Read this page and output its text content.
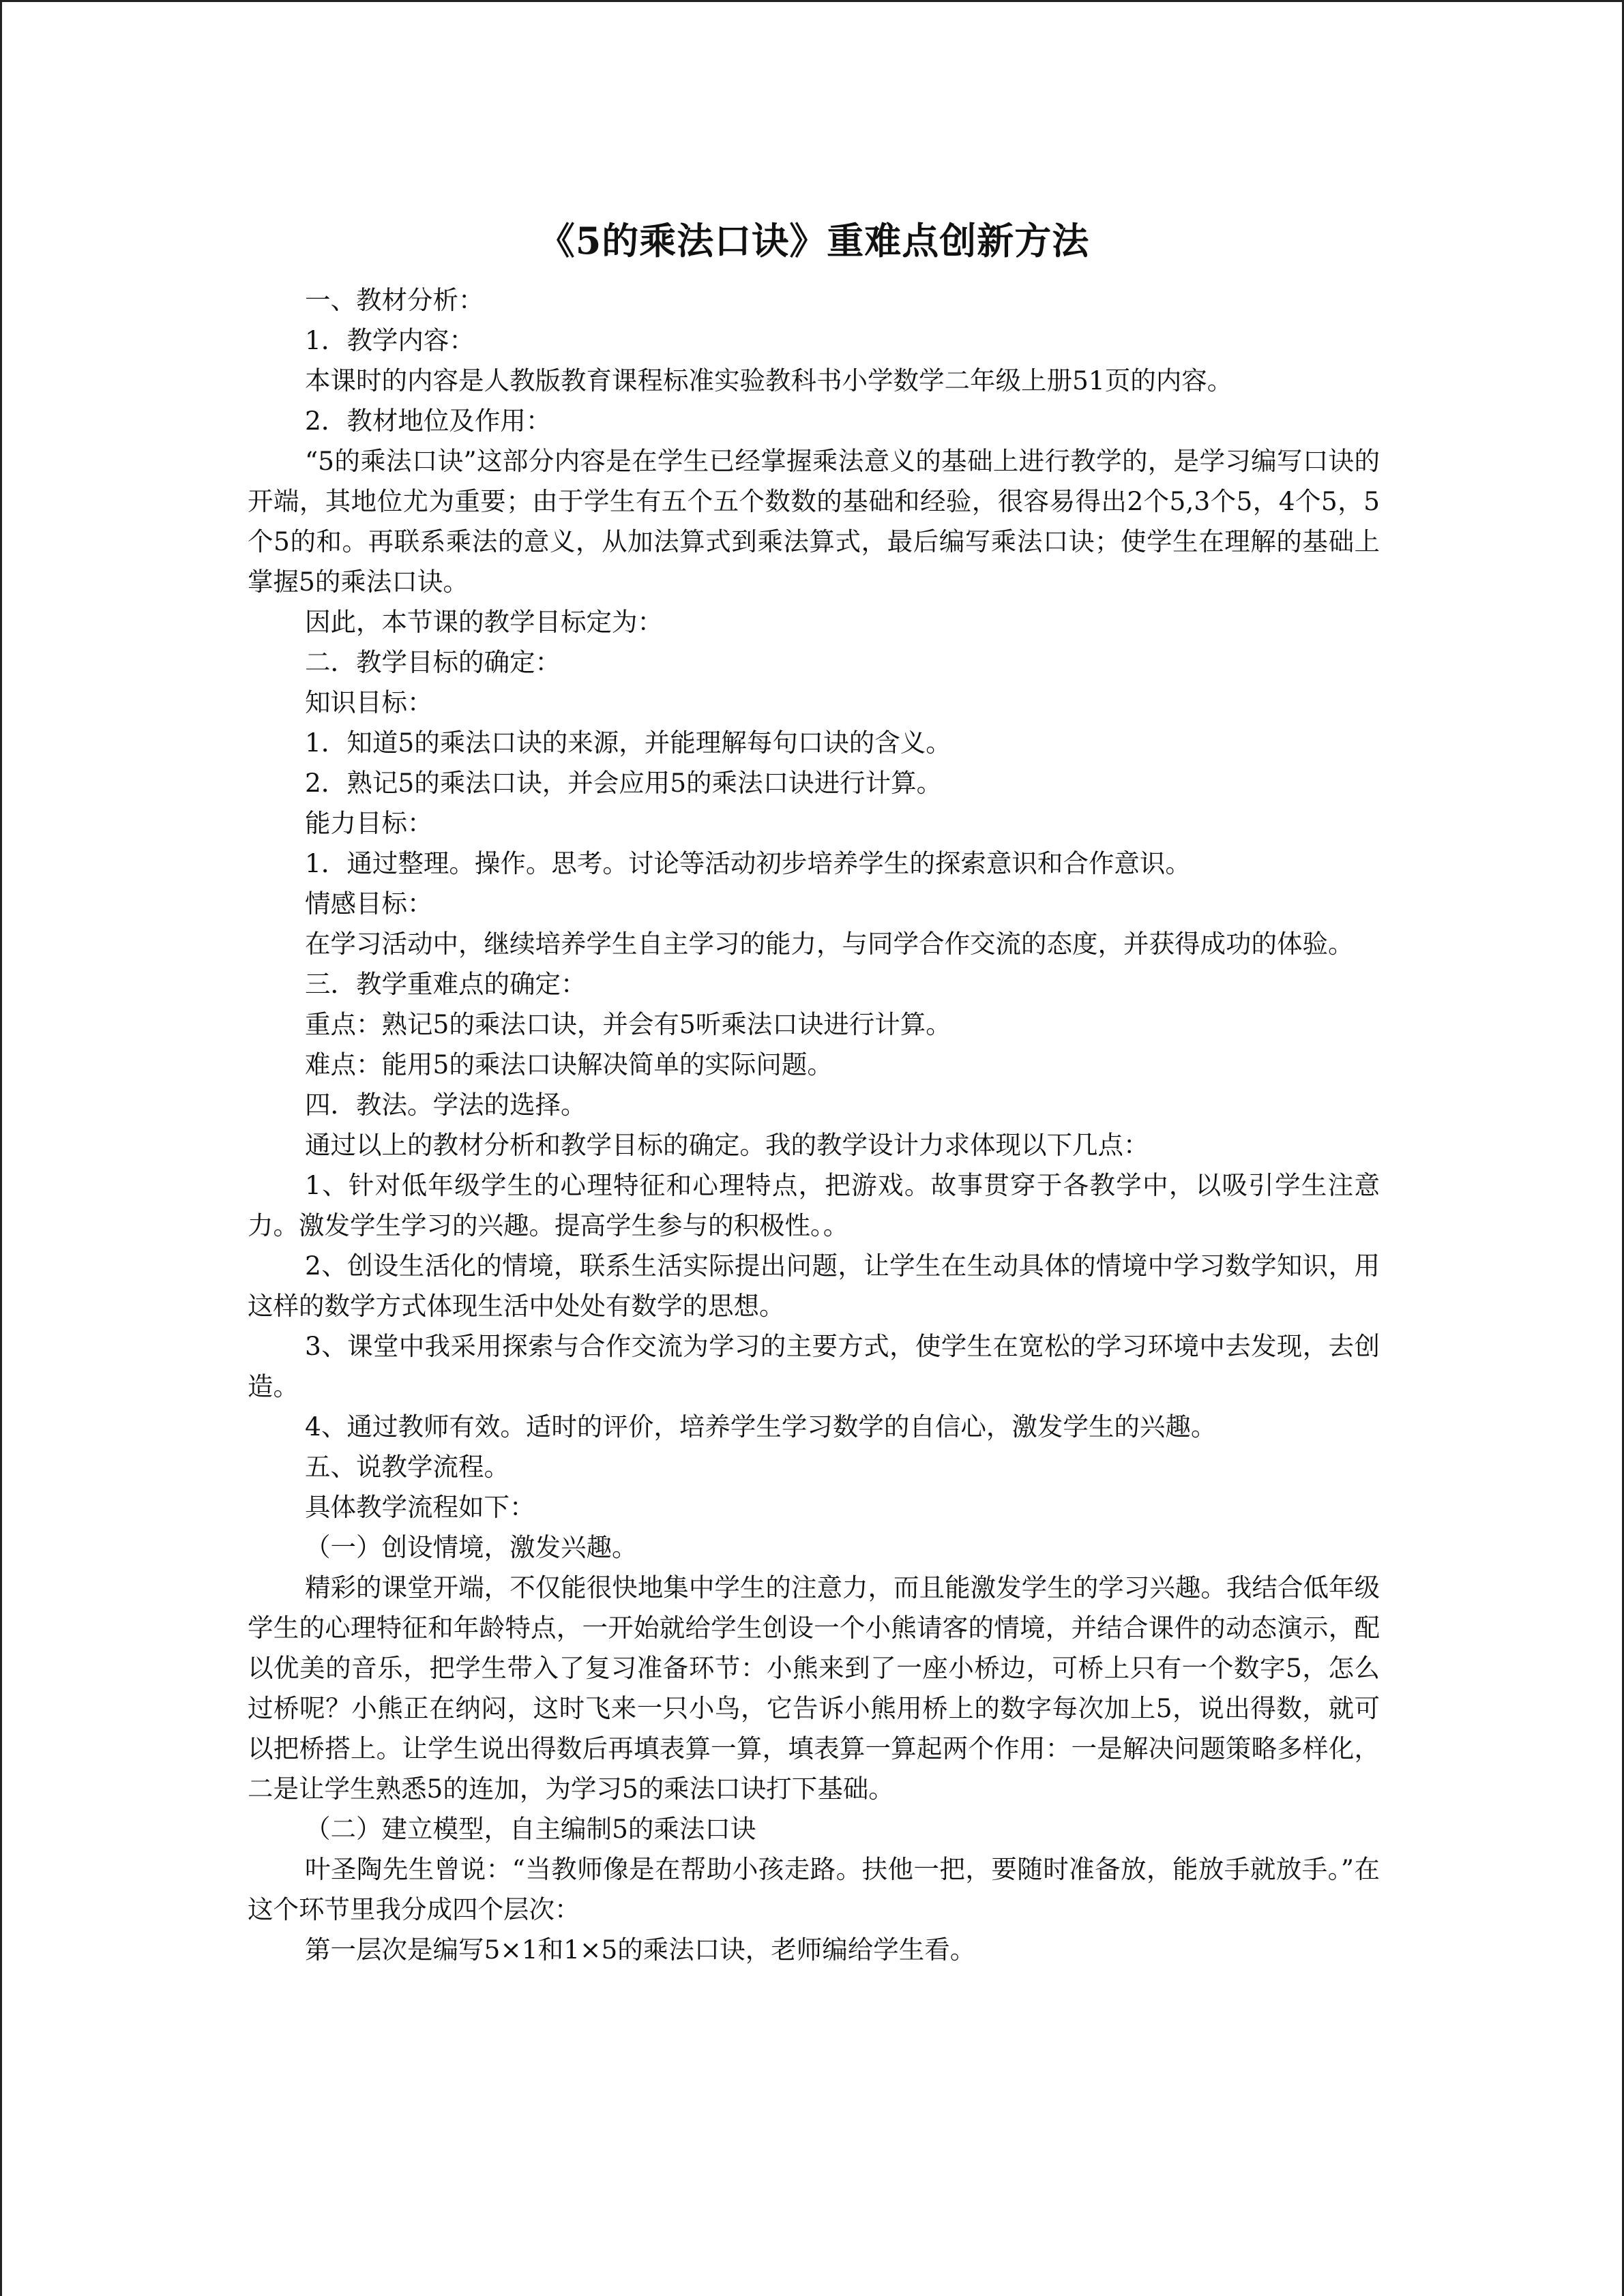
《5的乘法口诀》重难点创新方法

一、教材分析：

1．教学内容：

本课时的内容是人教版教育课程标准实验教科书小学数学二年级上册51页的内容。

2．教材地位及作用：

“5的乘法口诀”这部分内容是在学生已经掌握乘法意义的基础上进行教学的，是学习编写口诀的开端，其地位尤为重要；由于学生有五个五个数数的基础和经验，很容易得出2个5,3个5，4个5，5个5的和。再联系乘法的意义，从加法算式到乘法算式，最后编写乘法口诀；使学生在理解的基础上掌握5的乘法口诀。

因此，本节课的教学目标定为：

二．教学目标的确定：

知识目标：

1．知道5的乘法口诀的来源，并能理解每句口诀的含义。

2．熟记5的乘法口诀，并会应用5的乘法口诀进行计算。

能力目标：

1．通过整理。操作。思考。讨论等活动初步培养学生的探索意识和合作意识。

情感目标：

在学习活动中，继续培养学生自主学习的能力，与同学合作交流的态度，并获得成功的体验。

三．教学重难点的确定：

重点：熟记5的乘法口诀，并会有5听乘法口诀进行计算。

难点：能用5的乘法口诀解决简单的实际问题。

四．教法。学法的选择。

通过以上的教材分析和教学目标的确定。我的教学设计力求体现以下几点：

1、针对低年级学生的心理特征和心理特点，把游戏。故事贯穿于各教学中，以吸引学生注意力。激发学生学习的兴趣。提高学生参与的积极性。。

2、创设生活化的情境，联系生活实际提出问题，让学生在生动具体的情境中学习数学知识，用这样的数学方式体现生活中处处有数学的思想。

3、课堂中我采用探索与合作交流为学习的主要方式，使学生在宽松的学习环境中去发现，去创造。

4、通过教师有效。适时的评价，培养学生学习数学的自信心，激发学生的兴趣。

五、说教学流程。

具体教学流程如下：

（一）创设情境，激发兴趣。

精彩的课堂开端，不仅能很快地集中学生的注意力，而且能激发学生的学习兴趣。我结合低年级学生的心理特征和年龄特点，一开始就给学生创设一个小熊请客的情境，并结合课件的动态演示，配以优美的音乐，把学生带入了复习准备环节：小熊来到了一座小桥边，可桥上只有一个数字5，怎么过桥呢？小熊正在纳闷，这时飞来一只小鸟，它告诉小熊用桥上的数字每次加上5，说出得数，就可以把桥搭上。让学生说出得数后再填表算一算，填表算一算起两个作用：一是解决问题策略多样化，二是让学生熟悉5的连加，为学习5的乘法口诀打下基础。

（二）建立模型，自主编制5的乘法口诀

叶圣陶先生曾说：“当教师像是在帮助小孩走路。扶他一把，要随时准备放，能放手就放手。”在这个环节里我分成四个层次：

第一层次是编写5×1和1×5的乘法口诀，老师编给学生看。
